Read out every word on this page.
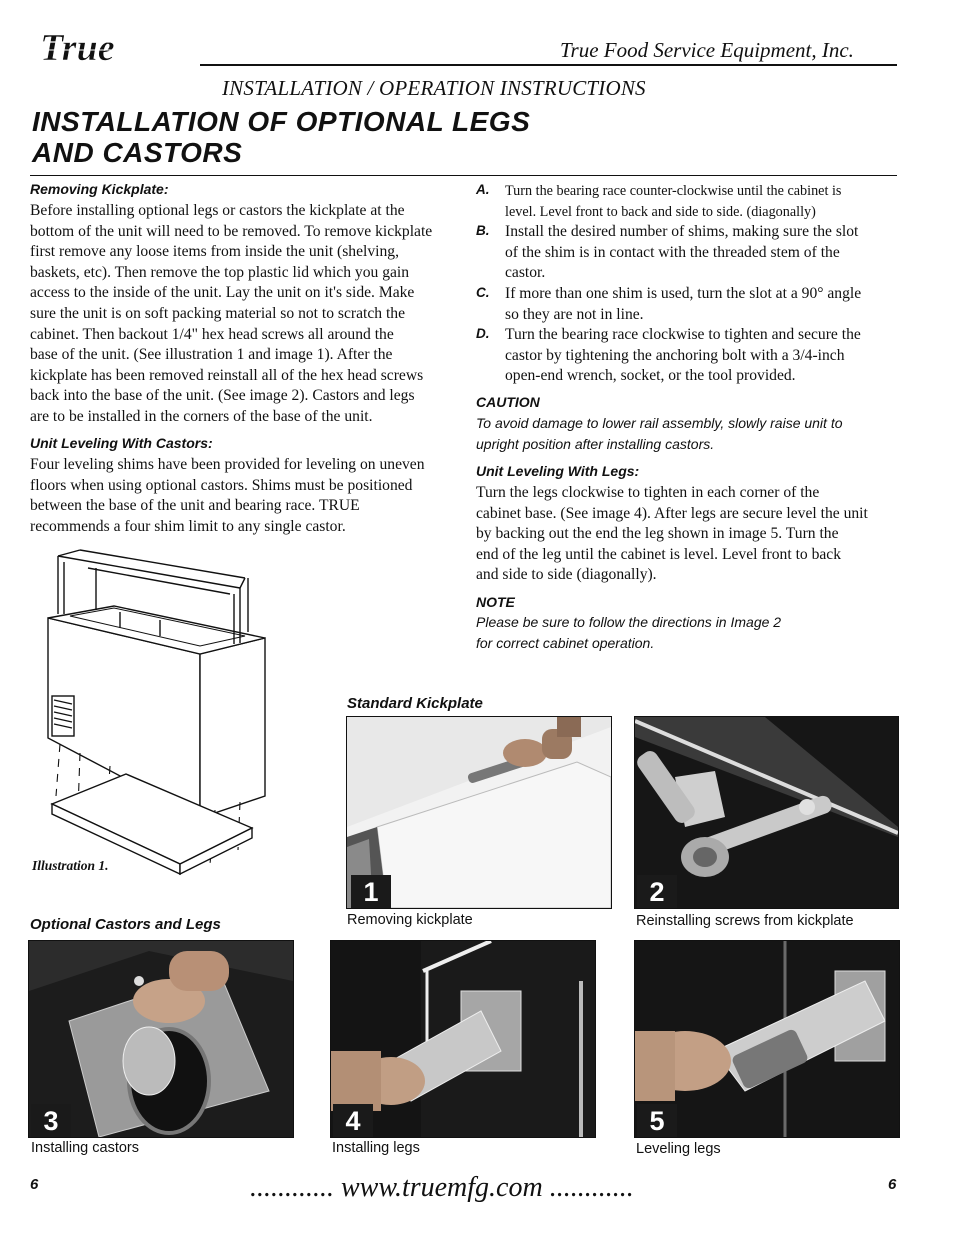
True	True Food Service Equipment, Inc.
INSTALLATION / OPERATION INSTRUCTIONS
INSTALLATION OF OPTIONAL LEGS
AND CASTORS
Removing Kickplate:
Before installing optional legs or castors the kickplate at the
bottom of the unit will need to be removed. To remove kickplate
first remove any loose items from inside the unit (shelving,
baskets, etc). Then remove the top plastic lid which you gain
access to the inside of the unit. Lay the unit on it's side. Make
sure the unit is on soft packing material so not to scratch the
cabinet. Then backout 1/4" hex head screws all around the
base of the unit. (See illustration 1 and image 1). After the
kickplate has been removed reinstall all of the hex head screws
back into the base of the unit. (See image 2). Castors and legs
are to be installed in the corners of the base of the unit.
Unit Leveling With Castors:
Four leveling shims have been provided for leveling on uneven
floors when using optional castors. Shims must be positioned
between the base of the unit and bearing race. TRUE
recommends a four shim limit to any single castor.
Illustration 1.
A. Turn the bearing race counter-clockwise until the cabinet is
level. Level front to back and side to side. (diagonally)
B. Install the desired number of shims, making sure the slot
of the shim is in contact with the threaded stem of the
castor.
C. If more than one shim is used, turn the slot at a 90° angle
so they are not in line.
D. Turn the bearing race clockwise to tighten and secure the
castor by tightening the anchoring bolt with a 3/4-inch
open-end wrench, socket, or the tool provided.
CAUTION
To avoid damage to lower rail assembly, slowly raise unit to
upright position after installing castors.
Unit Leveling With Legs:
Turn the legs clockwise to tighten in each corner of the
cabinet base. (See image 4). After legs are secure level the unit
by backing out the end the leg shown in image 5. Turn the
end of the leg until the cabinet is level. Level front to back
and side to side (diagonally).
NOTE
Please be sure to follow the directions in Image 2
for correct cabinet operation.
Standard Kickplate
Optional Castors and Legs
1
Removing kickplate
2
Reinstalling screws from kickplate
3
Installing castors
4
Installing legs
5
Leveling legs
6	............ www.truemfg.com ............	6
